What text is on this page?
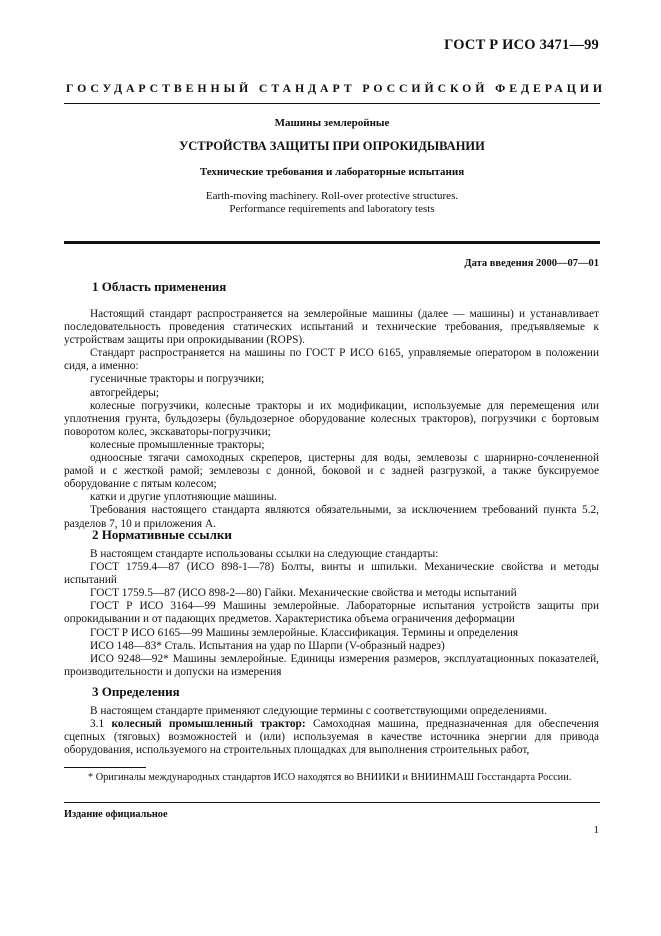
ГОСТ Р ИСО 3471—99
ГОСУДАРСТВЕННЫЙ СТАНДАРТ РОССИЙСКОЙ ФЕДЕРАЦИИ
Машины землеройные
УСТРОЙСТВА ЗАЩИТЫ ПРИ ОПРОКИДЫВАНИИ
Технические требования и лабораторные испытания
Earth-moving machinery. Roll-over protective structures.
Performance requirements and laboratory tests
Дата введения 2000—07—01
1 Область применения

Настоящий стандарт распространяется на землеройные машины (далее — машины) и устанавливает последовательность проведения статических испытаний и технические требования, предъявляемые к устройствам защиты при опрокидывании (ROPS).

Стандарт распространяется на машины по ГОСТ Р ИСО 6165, управляемые оператором в положении сидя, а именно:

гусеничные тракторы и погрузчики;

автогрейдеры;

колесные погрузчики, колесные тракторы и их модификации, используемые для перемещения или уплотнения грунта, бульдозеры (бульдозерное оборудование колесных тракторов), погрузчики с бортовым поворотом колес, экскаваторы-погрузчики;

колесные промышленные тракторы;

одноосные тягачи самоходных скреперов, цистерны для воды, землевозы с шарнирно-сочлененной рамой и с жесткой рамой; землевозы с донной, боковой и с задней разгрузкой, а также буксируемое оборудование с пятым колесом;

катки и другие уплотняющие машины.

Требования настоящего стандарта являются обязательными, за исключением требований пункта 5.2, разделов 7, 10 и приложения А.

2 Нормативные ссылки

В настоящем стандарте использованы ссылки на следующие стандарты:

ГОСТ 1759.4—87 (ИСО 898-1—78) Болты, винты и шпильки. Механические свойства и методы испытаний

ГОСТ 1759.5—87 (ИСО 898-2—80) Гайки. Механические свойства и методы испытаний

ГОСТ Р ИСО 3164—99 Машины землеройные. Лабораторные испытания устройств защиты при опрокидывании и от падающих предметов. Характеристика объема ограничения деформации

ГОСТ Р ИСО 6165—99 Машины землеройные. Классификация. Термины и определения

ИСО 148—83* Сталь. Испытания на удар по Шарпи (V-образный надрез)

ИСО 9248—92* Машины землеройные. Единицы измерения размеров, эксплуатационных показателей, производительности и допуски на измерения

3 Определения

В настоящем стандарте применяют следующие термины с соответствующими определениями.

3.1 колесный промышленный трактор: Самоходная машина, предназначенная для обеспечения сцепных (тяговых) возможностей и (или) используемая в качестве источника энергии для привода оборудования, используемого на строительных площадках для выполнения строительных работ,

* Оригиналы международных стандартов ИСО находятся во ВНИИКИ и ВНИИНМАШ Госстандарта России.
Издание официальное
1
